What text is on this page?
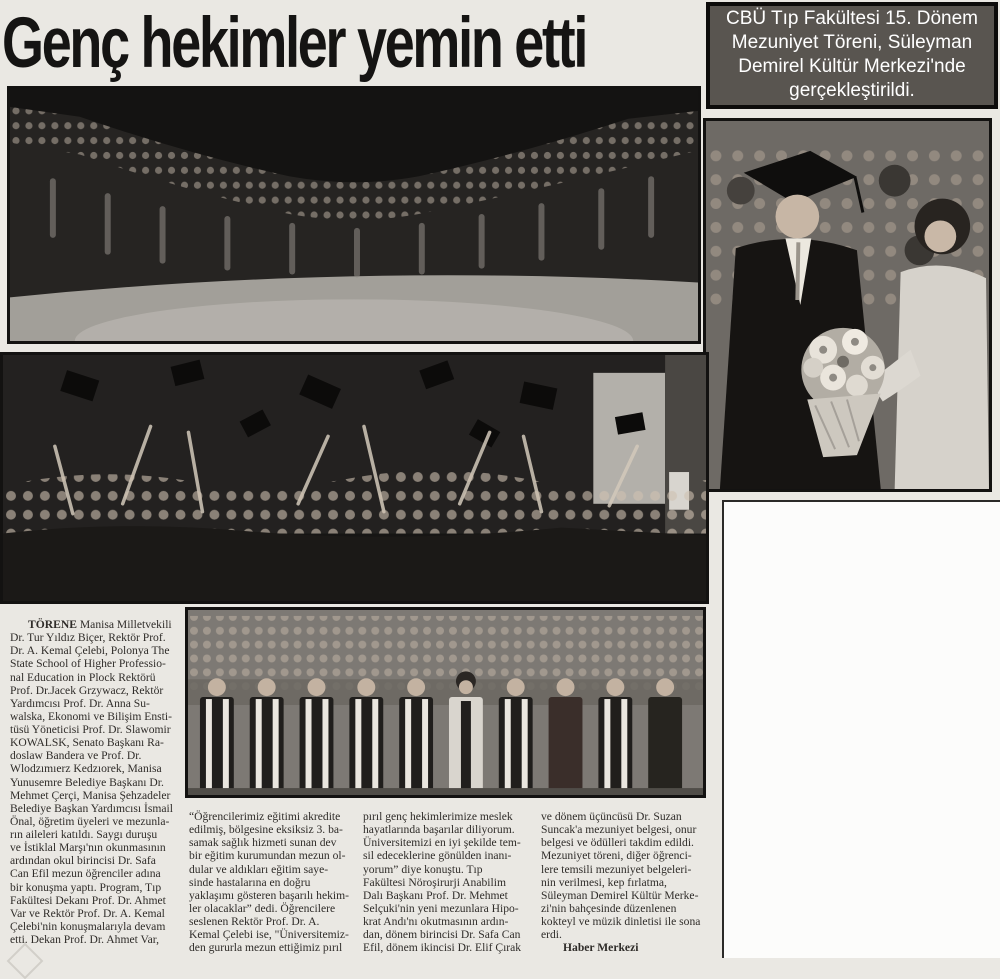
Genç hekimler yemin etti	CBÜ Tıp Fakültesi 15. Dönem
Mezuniyet Töreni, Süleyman
Demirel Kültür Merkezi'nde
gerçekleştirildi.
TÖRENE Manisa Milletvekili
Dr. Tur Yıldız Biçer, Rektör Prof.
Dr. A. Kemal Çelebi, Polonya The
State School of Higher Professio-
nal Education in Plock Rektörü
Prof. Dr.Jacek Grzywacz, Rektör
Yardımcısı Prof. Dr. Anna Su-
walska, Ekonomi ve Bilişim Ensti-
tüsü Yöneticisi Prof. Dr. Slawomir
KOWALSK, Senato Başkanı Ra-
doslaw Bandera ve Prof. Dr.
Wlodzımıerz Kedzıorek, Manisa
Yunusemre Belediye Başkanı Dr.
Mehmet Çerçi, Manisa Şehzadeler
Belediye Başkan Yardımcısı İsmail
Önal, öğretim üyeleri ve mezunla-
rın aileleri katıldı. Saygı duruşu
ve İstiklal Marşı'nın okunmasının
ardından okul birincisi Dr. Safa
Can Efil mezun öğrenciler adına
bir konuşma yaptı. Program, Tıp
Fakültesi Dekanı Prof. Dr. Ahmet
Var ve Rektör Prof. Dr. A. Kemal
Çelebi'nin konuşmalarıyla devam
etti. Dekan Prof. Dr. Ahmet Var,
“Öğrencilerimiz eğitimi akredite
edilmiş, bölgesine eksiksiz 3. ba-
samak sağlık hizmeti sunan dev
bir eğitim kurumundan mezun ol-
dular ve aldıkları eğitim saye-
sinde hastalarına en doğru
yaklaşımı gösteren başarılı hekim-
ler olacaklar” dedi. Öğrencilere
seslenen Rektör Prof. Dr. A.
Kemal Çelebi ise, "Üniversitemiz-
den gururla mezun ettiğimiz pırıl
pırıl genç hekimlerimize meslek
hayatlarında başarılar diliyorum.
Üniversitemizi en iyi şekilde tem-
sil edeceklerine gönülden inanı-
yorum” diye konuştu. Tıp
Fakültesi Nöroşirurji Anabilim
Dalı Başkanı Prof. Dr. Mehmet
Selçuki'nin yeni mezunlara Hipo-
krat Andı'nı okutmasının ardın-
dan, dönem birincisi Dr. Safa Can
Efil, dönem ikincisi Dr. Elif Çırak
ve dönem üçüncüsü Dr. Suzan
Suncak'a mezuniyet belgesi, onur
belgesi ve ödülleri takdim edildi.
Mezuniyet töreni, diğer öğrenci-
lere temsili mezuniyet belgeleri-
nin verilmesi, kep fırlatma,
Süleyman Demirel Kültür Merke-
zi'nin bahçesinde düzenlenen
kokteyl ve müzik dinletisi ile sona
erdi.
Haber Merkezi
